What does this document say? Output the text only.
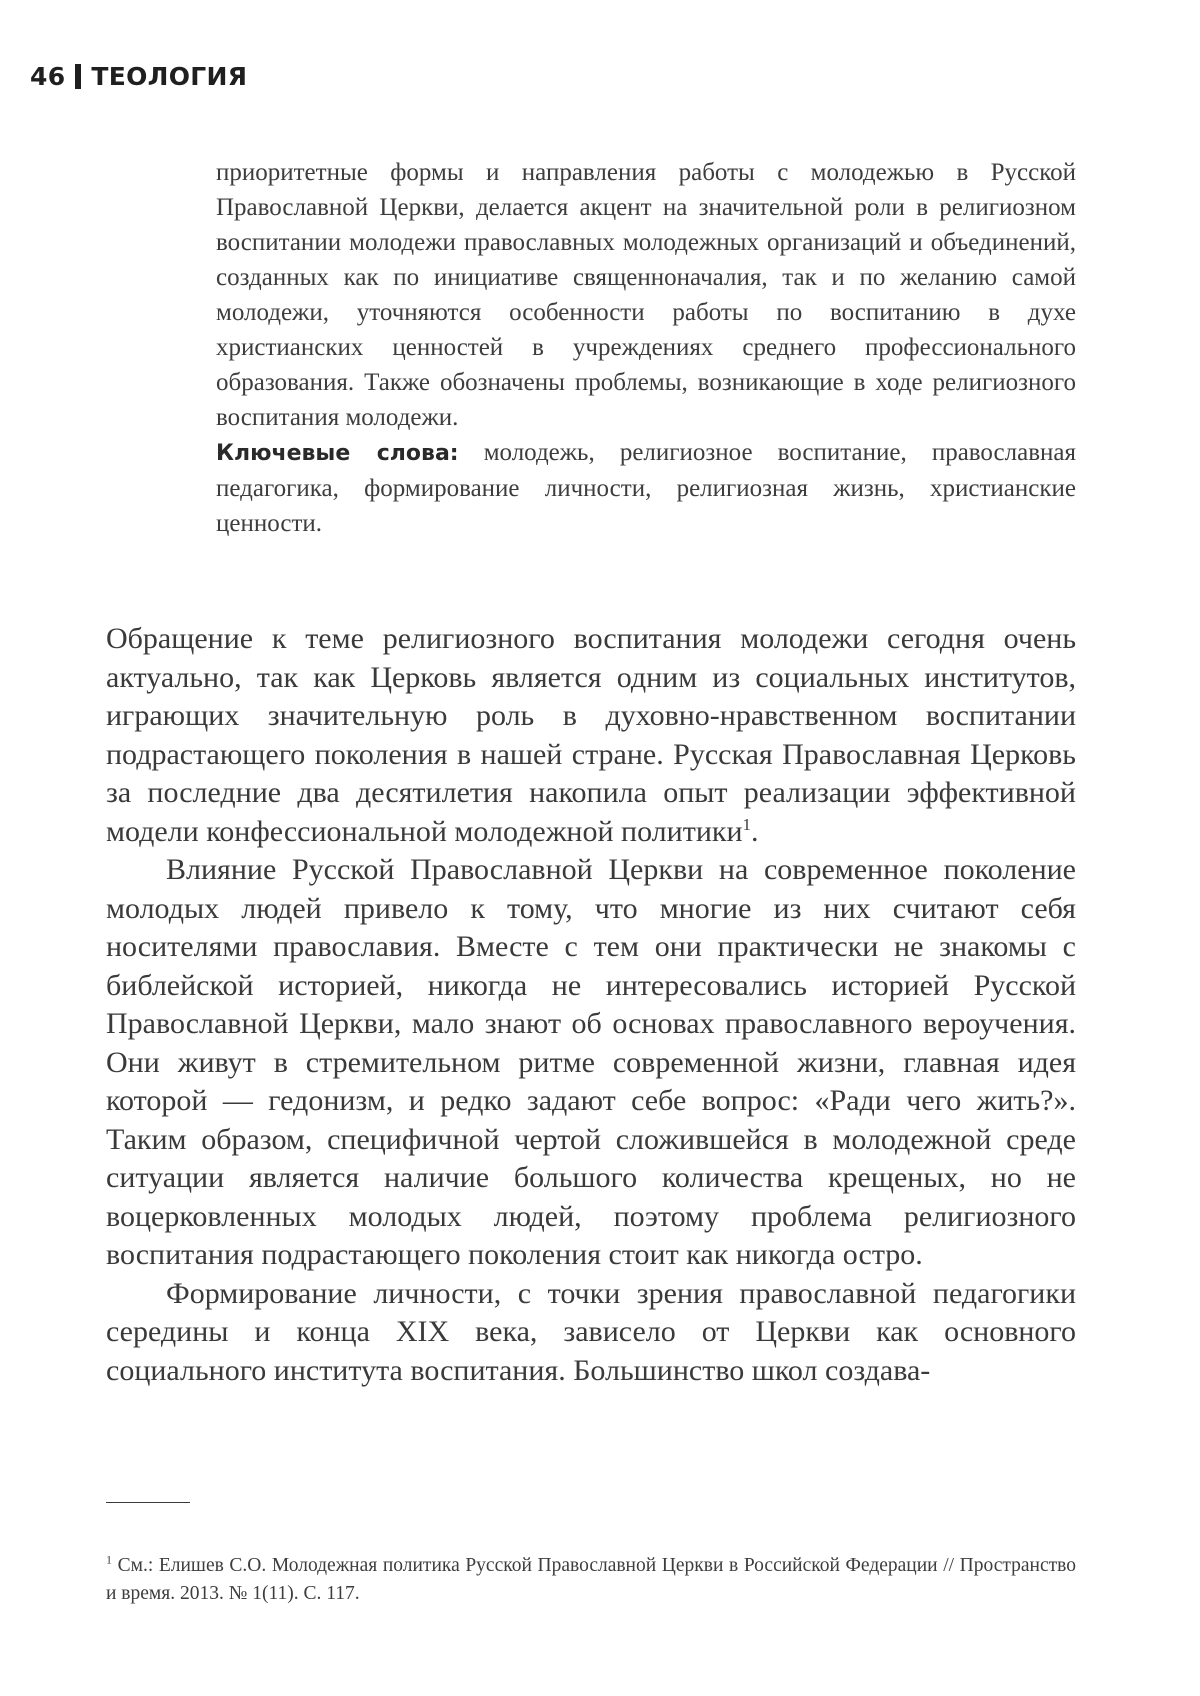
46 ТЕОЛОГИЯ

приоритетные формы и направления работы с молодежью в Русской Православной Церкви, делается акцент на значительной роли в религиозном воспитании молодежи православных молодежных организаций и объединений, созданных как по инициативе священноначалия, так и по желанию самой молодежи, уточняются особенности работы по воспитанию в духе христианских ценностей в учреждениях среднего профессионального образования. Также обозначены проблемы, возникающие в ходе религиозного воспитания молодежи.

Ключевые слова: молодежь, религиозное воспитание, православная педагогика, формирование личности, религиозная жизнь, христианские ценности.

Обращение к теме религиозного воспитания молодежи сегодня очень актуально, так как Церковь является одним из социальных институтов, играющих значительную роль в духовно-нравственном воспитании подрастающего поколения в нашей стране. Русская Православная Церковь за последние два десятилетия накопила опыт реализации эффективной модели конфессиональной молодежной политики$^1$.

Влияние Русской Православной Церкви на современное поколение молодых людей привело к тому, что многие из них считают себя носителями православия. Вместе с тем они практически не знакомы с библейской историей, никогда не интересовались историей Русской Православной Церкви, мало знают об основах православного вероучения. Они живут в стремительном ритме современной жизни, главная идея которой — гедонизм, и редко задают себе вопрос: «Ради чего жить?». Таким образом, специфичной чертой сложившейся в молодежной среде ситуации является наличие большого количества крещеных, но не воцерковленных молодых людей, поэтому проблема религиозного воспитания подрастающего поколения стоит как никогда остро.

Формирование личности, с точки зрения православной педагогики середины и конца XIX века, зависело от Церкви как основного социального института воспитания. Большинство школ создава-

$^1$ См.: Елишев С.О. Молодежная политика Русской Православной Церкви в Российской Федерации // Пространство и время. 2013. № 1(11). С. 117.
